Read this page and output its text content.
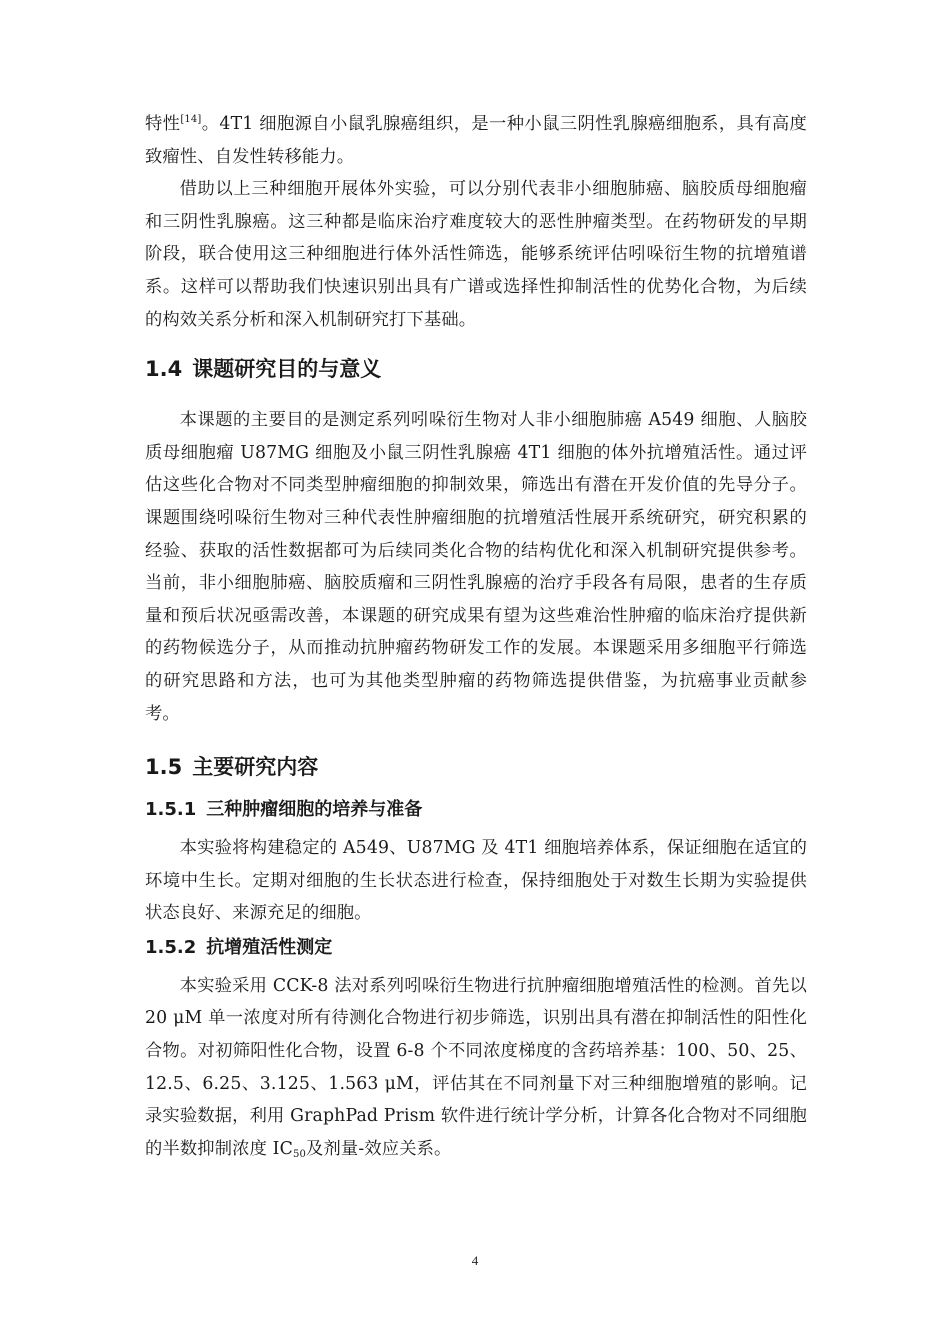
特性[14]。4T1 细胞源自小鼠乳腺癌组织，是一种小鼠三阴性乳腺癌细胞系，具有高度致瘤性、自发性转移能力。

借助以上三种细胞开展体外实验，可以分别代表非小细胞肺癌、脑胶质母细胞瘤和三阴性乳腺癌。这三种都是临床治疗难度较大的恶性肿瘤类型。在药物研发的早期阶段，联合使用这三种细胞进行体外活性筛选，能够系统评估吲哚衍生物的抗增殖谱系。这样可以帮助我们快速识别出具有广谱或选择性抑制活性的优势化合物，为后续的构效关系分析和深入机制研究打下基础。

1.4 课题研究目的与意义

本课题的主要目的是测定系列吲哚衍生物对人非小细胞肺癌 A549 细胞、人脑胶质母细胞瘤 U87MG 细胞及小鼠三阴性乳腺癌 4T1 细胞的体外抗增殖活性。通过评估这些化合物对不同类型肿瘤细胞的抑制效果，筛选出有潜在开发价值的先导分子。课题围绕吲哚衍生物对三种代表性肿瘤细胞的抗增殖活性展开系统研究，研究积累的经验、获取的活性数据都可为后续同类化合物的结构优化和深入机制研究提供参考。当前，非小细胞肺癌、脑胶质瘤和三阴性乳腺癌的治疗手段各有局限，患者的生存质量和预后状况亟需改善，本课题的研究成果有望为这些难治性肿瘤的临床治疗提供新的药物候选分子，从而推动抗肿瘤药物研发工作的发展。本课题采用多细胞平行筛选的研究思路和方法，也可为其他类型肿瘤的药物筛选提供借鉴，为抗癌事业贡献参考。

1.5 主要研究内容
1.5.1 三种肿瘤细胞的培养与准备

本实验将构建稳定的 A549、U87MG 及 4T1 细胞培养体系，保证细胞在适宜的环境中生长。定期对细胞的生长状态进行检查，保持细胞处于对数生长期为实验提供状态良好、来源充足的细胞。

1.5.2 抗增殖活性测定

本实验采用 CCK-8 法对系列吲哚衍生物进行抗肿瘤细胞增殖活性的检测。首先以 20 μM 单一浓度对所有待测化合物进行初步筛选，识别出具有潜在抑制活性的阳性化合物。对初筛阳性化合物，设置 6-8 个不同浓度梯度的含药培养基：100、50、25、12.5、6.25、3.125、1.563 μM，评估其在不同剂量下对三种细胞增殖的影响。记录实验数据，利用 GraphPad Prism 软件进行统计学分析，计算各化合物对不同细胞的半数抑制浓度 $IC_{50}$及剂量-效应关系。

4
